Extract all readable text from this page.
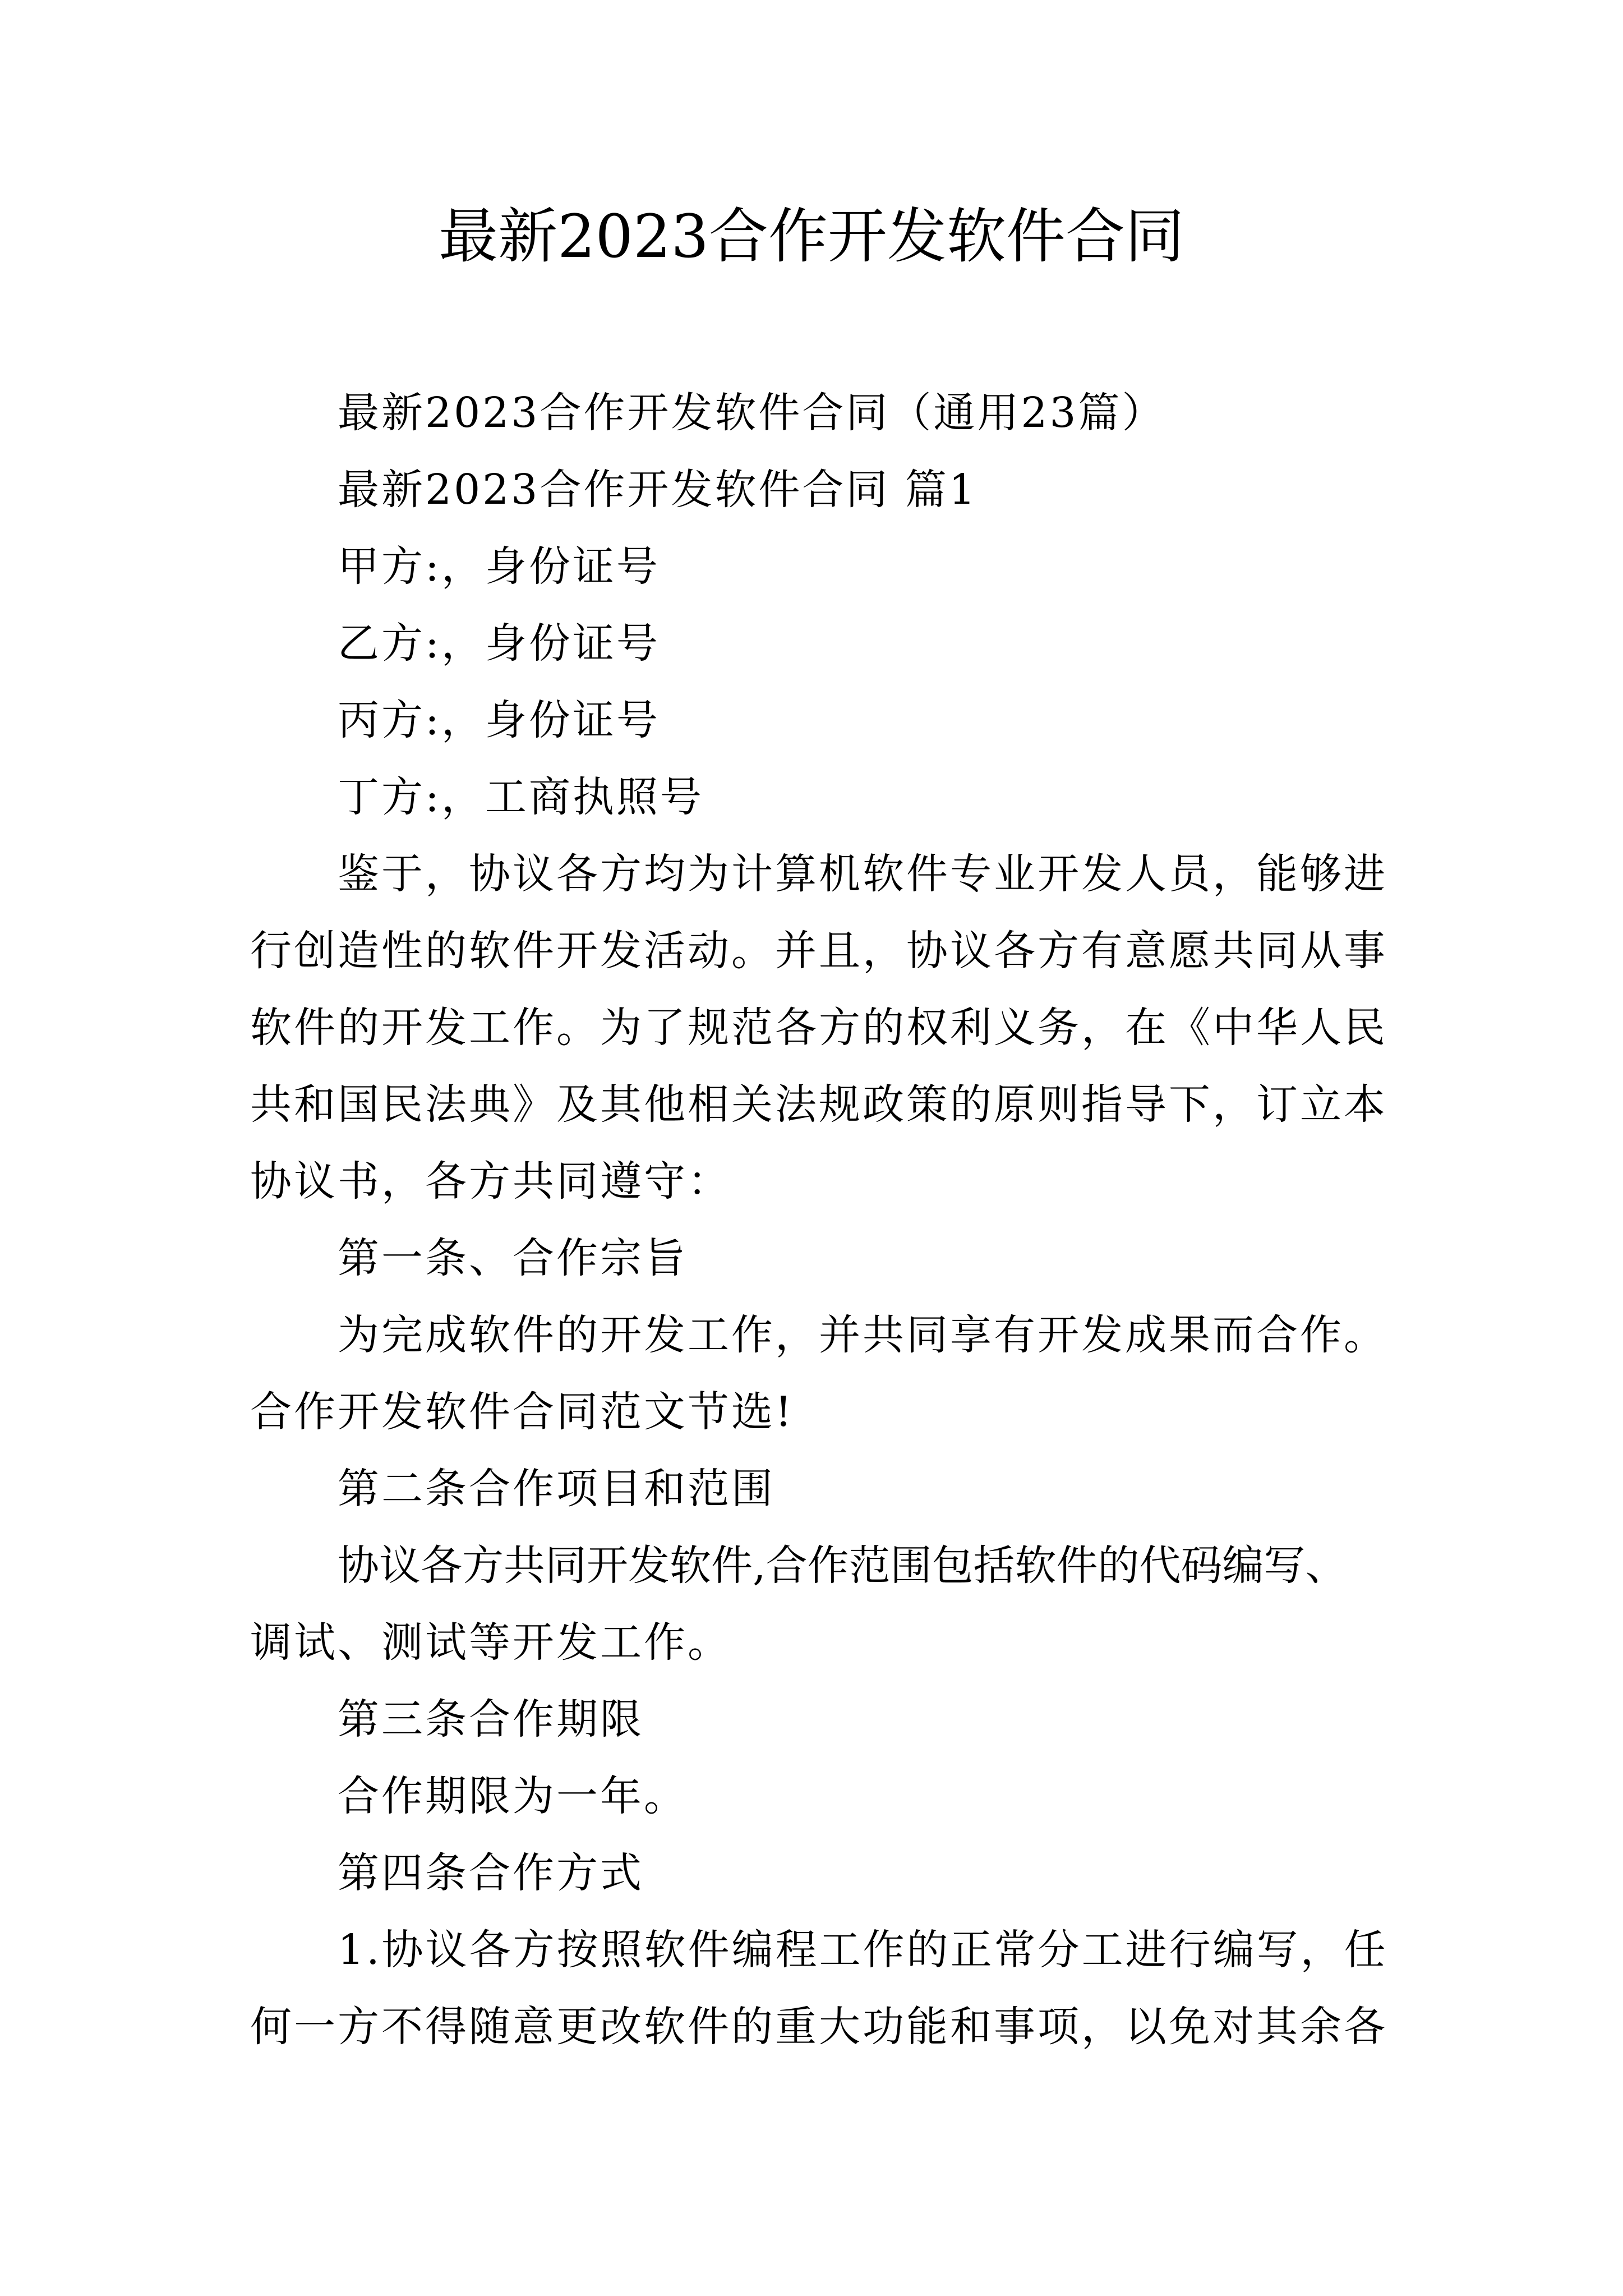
最新2023合作开发软件合同
最新2023合作开发软件合同（通用23篇）
最新2023合作开发软件合同 篇1
甲方:，身份证号
乙方:，身份证号
丙方:，身份证号
丁方:，工商执照号
鉴于，协议各方均为计算机软件专业开发人员，能够进
行创造性的软件开发活动。并且，协议各方有意愿共同从事
软件的开发工作。为了规范各方的权利义务，在《中华人民
共和国民法典》及其他相关法规政策的原则指导下，订立本
协议书，各方共同遵守：
第一条、合作宗旨
为完成软件的开发工作，并共同享有开发成果而合作。
合作开发软件合同范文节选!
第二条合作项目和范围
协议各方共同开发软件,合作范围包括软件的代码编写、
调试、测试等开发工作。
第三条合作期限
合作期限为一年。
第四条合作方式
1.协议各方按照软件编程工作的正常分工进行编写，任
何一方不得随意更改软件的重大功能和事项，以免对其余各
